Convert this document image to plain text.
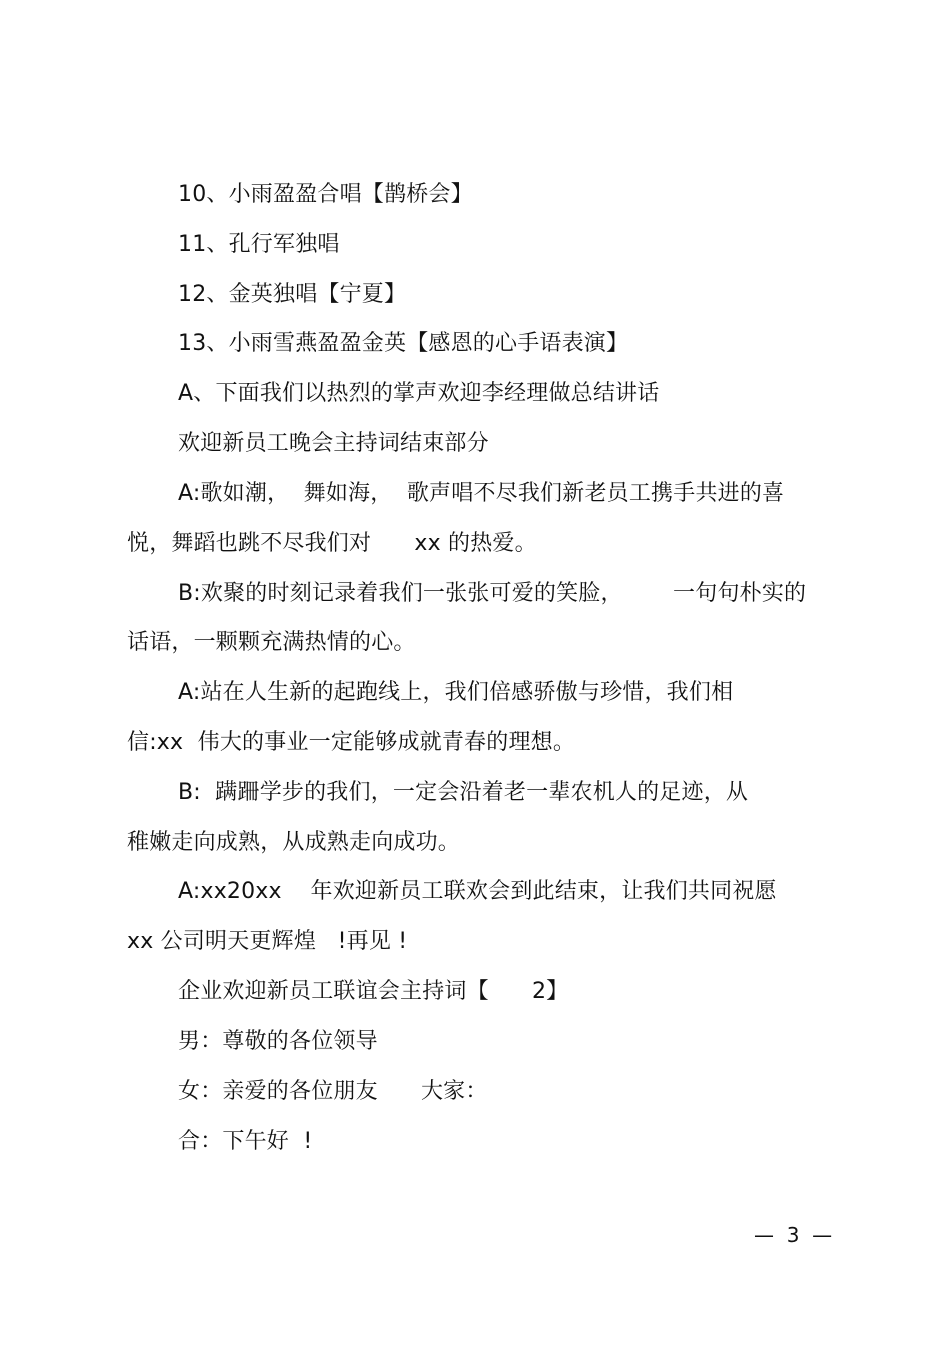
10、小雨盈盈合唱【鹊桥会】
11、孔行军独唱
12、金英独唱【宁夏】
13、小雨雪燕盈盈金英【感恩的心手语表演】
A、下面我们以热烈的掌声欢迎李经理做总结讲话
欢迎新员工晚会主持词结束部分
A:歌如潮，  舞如海，  歌声唱不尽我们新老员工携手共进的喜
悦，舞蹈也跳不尽我们对      xx 的热爱。
B:欢聚的时刻记录着我们一张张可爱的笑脸，       一句句朴实的
话语，一颗颗充满热情的心。
A:站在人生新的起跑线上，我们倍感骄傲与珍惜，我们相
信:xx  伟大的事业一定能够成就青春的理想。
B:  蹒跚学步的我们，一定会沿着老一辈农机人的足迹，从
稚嫩走向成熟，从成熟走向成功。
A:xx20xx    年欢迎新员工联欢会到此结束，让我们共同祝愿
xx 公司明天更辉煌   !再见 !
企业欢迎新员工联谊会主持词【      2】
男：尊敬的各位领导
女：亲爱的各位朋友      大家：
合：下午好  !
—  3  —
